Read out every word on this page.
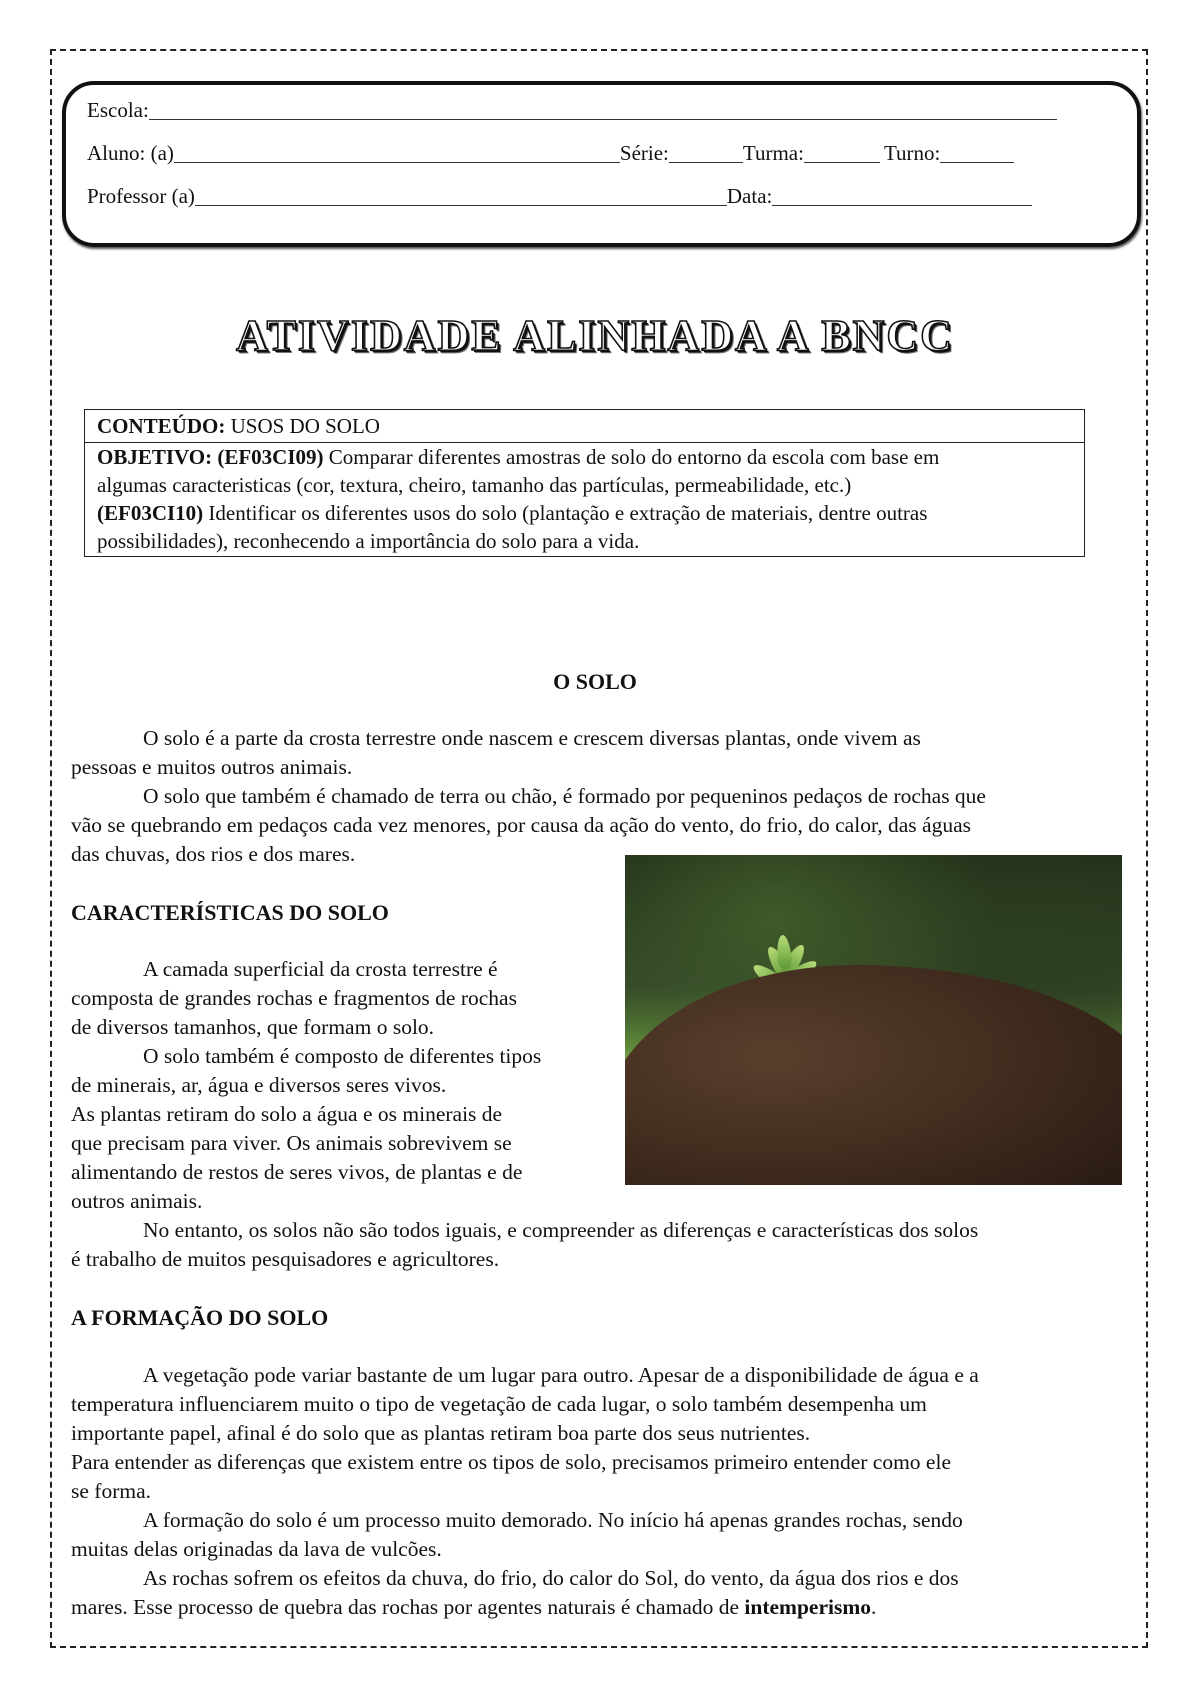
Escola:
Aluno: (a)	Série:	Turma:	Turno:
Professor (a)	Data:
ATIVIDADE ALINHADA A BNCC
CONTEÚDO: USOS DO SOLO
OBJETIVO: (EF03CI09) Comparar diferentes amostras de solo do entorno da escola com base em
algumas caracteristicas (cor, textura, cheiro, tamanho das partículas, permeabilidade, etc.)
(EF03CI10) Identificar os diferentes usos do solo (plantação e extração de materiais, dentre outras
possibilidades), reconhecendo a importância do solo para a vida.
O SOLO
O solo é a parte da crosta terrestre onde nascem e crescem diversas plantas, onde vivem as
pessoas e muitos outros animais.
O solo que também é chamado de terra ou chão, é formado por pequeninos pedaços de rochas que
vão se quebrando em pedaços cada vez menores, por causa da ação do vento, do frio, do calor, das águas
das chuvas, dos rios e dos mares.
CARACTERÍSTICAS DO SOLO
A camada superficial da crosta terrestre é
composta de grandes rochas e fragmentos de rochas
de diversos tamanhos, que formam o solo.
O solo também é composto de diferentes tipos
de minerais, ar, água e diversos seres vivos.
As plantas retiram do solo a água e os minerais de
que precisam para viver. Os animais sobrevivem se
alimentando de restos de seres vivos, de plantas e de
outros animais.
No entanto, os solos não são todos iguais, e compreender as diferenças e características dos solos
é trabalho de muitos pesquisadores e agricultores.
A FORMAÇÃO DO SOLO
A vegetação pode variar bastante de um lugar para outro. Apesar de a disponibilidade de água e a
temperatura influenciarem muito o tipo de vegetação de cada lugar, o solo também desempenha um
importante papel, afinal é do solo que as plantas retiram boa parte dos seus nutrientes.
Para entender as diferenças que existem entre os tipos de solo, precisamos primeiro entender como ele
se forma.
A formação do solo é um processo muito demorado. No início há apenas grandes rochas, sendo
muitas delas originadas da lava de vulcões.
As rochas sofrem os efeitos da chuva, do frio, do calor do Sol, do vento, da água dos rios e dos
mares. Esse processo de quebra das rochas por agentes naturais é chamado de intemperismo.
